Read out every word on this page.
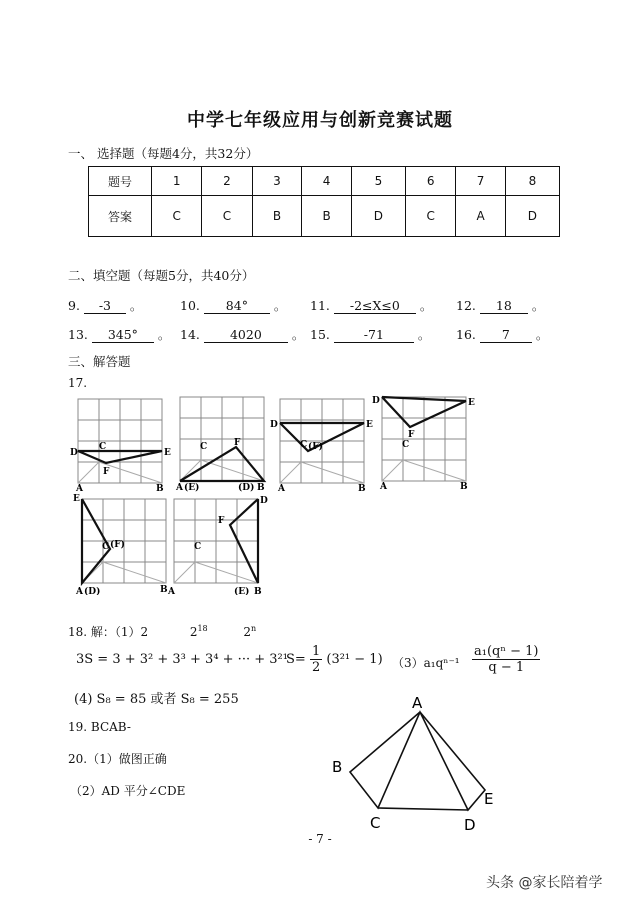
中学七年级应用与创新竞赛试题
一、 选择题（每题4分，共32分）
题号	1	2	3	4	5	6	7	8
答案	C	C	B	B	D	C	A	D
二、填空题（每题5分，共40分）
9. -3 。	10. 84° 。 11. -2≤X≤0 。 12. 18 。
13. 345° 。 14. 4020 。 15.	-71	。 16. 7 。
三、解答题
17.
D	E
F
C
A	B
F
C
A (E)	(D) B
D	E
C (F)
A	B
D	E
F
C
A	B
E
C (F)
A (D)	B
D
F
C
A	(E) B
18. 解：（1）2	$2^{18}$	2$^n$
3S = 3 + 3² + 3³ + 3⁴ + ··· + 3²¹
$S= \frac{1}{2} (3^{21} - 1)$ $(3)a_1q^{n-1} \frac{\text{a₁(qⁿ − 1)}}{q - 1}$
(4) S₈ = 85 或者 S₈ = 255
19. BCAB-
20.（1）做图正确
（2）AD 平分∠CDE
A
B
C	D
E
- 7 -
头条 @家长陪着学
